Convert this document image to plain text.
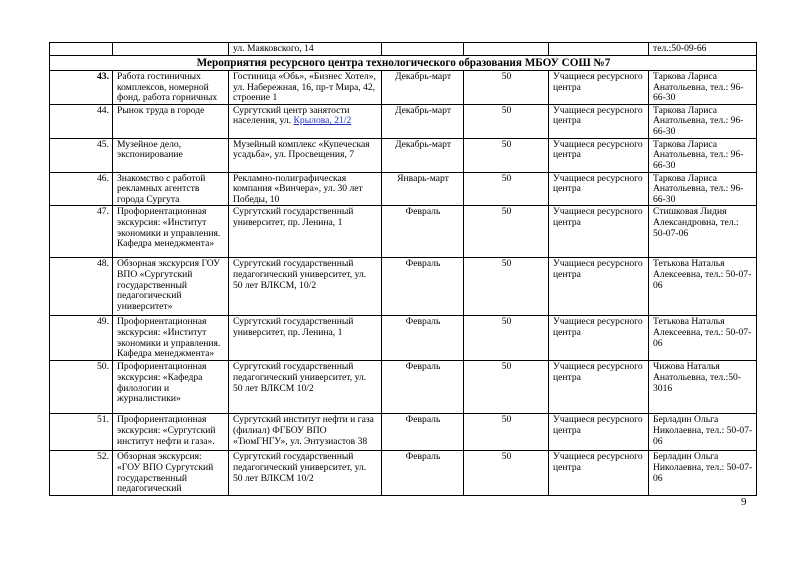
		ул. Маяковского, 14				тел.:50-09-66
Мероприятия ресурсного центра технологического образования МБОУ СОШ №7						
43.	Работа гостиничных комплексов, номерной фонд, работа горничных	Гостиница «Обь», «Бизнес Хотел», ул. Набережная, 16, пр-т Мира, 42, строение 1	Декабрь-март	50	Учащиеся ресурсного центра	Таркова Лариса Анатольевна, тел.: 96-66-30
44.	Рынок труда в городе	Сургутский центр занятости населения, ул. Крылова, 21/2	Декабрь-март	50	Учащиеся ресурсного центра	Таркова Лариса Анатольевна, тел.: 96-66-30
45.	Музейное дело, экспонирование	Музейный комплекс «Купеческая усадьба», ул. Просвещения, 7	Декабрь-март	50	Учащиеся ресурсного центра	Таркова Лариса Анатольевна, тел.: 96-66-30
46.	Знакомство с работой рекламных агентств города Сургута	Рекламно-полиграфическая компания «Винчера», ул. 30 лет Победы, 10	Январь-март	50	Учащиеся ресурсного центра	Таркова Лариса Анатольевна, тел.: 96-66-30
47.	Профориентационная экскурсия: «Институт экономики и управления. Кафедра менеджмента»	Сургутский государственный университет, пр. Ленина, 1	Февраль	50	Учащиеся ресурсного центра	Стишковая Лидия Александровна, тел.: 50-07-06
48.	Обзорная экскурсия ГОУ ВПО «Сургутский государственный педагогический университет»	Сургутский государственный педагогический университет, ул. 50 лет ВЛКСМ, 10/2	Февраль	50	Учащиеся ресурсного центра	Тетькова Наталья Алексеевна, тел.: 50-07-06
49.	Профориентационная экскурсия: «Институт экономики и управления. Кафедра менеджмента»	Сургутский государственный университет, пр. Ленина, 1	Февраль	50	Учащиеся ресурсного центра	Тетькова Наталья Алексеевна, тел.: 50-07-06
50.	Профориентационная экскурсия: «Кафедра филологии и журналистики»	Сургутский государственный педагогический университет, ул. 50 лет ВЛКСМ 10/2	Февраль	50	Учащиеся ресурсного центра	Чижова Наталья Анатольевна, тел.:50-3016
51.	Профориентационная экскурсия: «Сургутский институт нефти и газа».	Сургутский институт нефти и газа (филиал) ФГБОУ ВПО «ТюмГНГУ», ул. Энтузиастов 38	Февраль	50	Учащиеся ресурсного центра	Берладин Ольга Николаевна, тел.: 50-07-06
52.	Обзорная экскурсия: «ГОУ ВПО Сургутский государственный педагогический	Сургутский государственный педагогический университет, ул. 50 лет ВЛКСМ 10/2	Февраль	50	Учащиеся ресурсного центра	Берладин Ольга Николаевна, тел.: 50-07-06
9
